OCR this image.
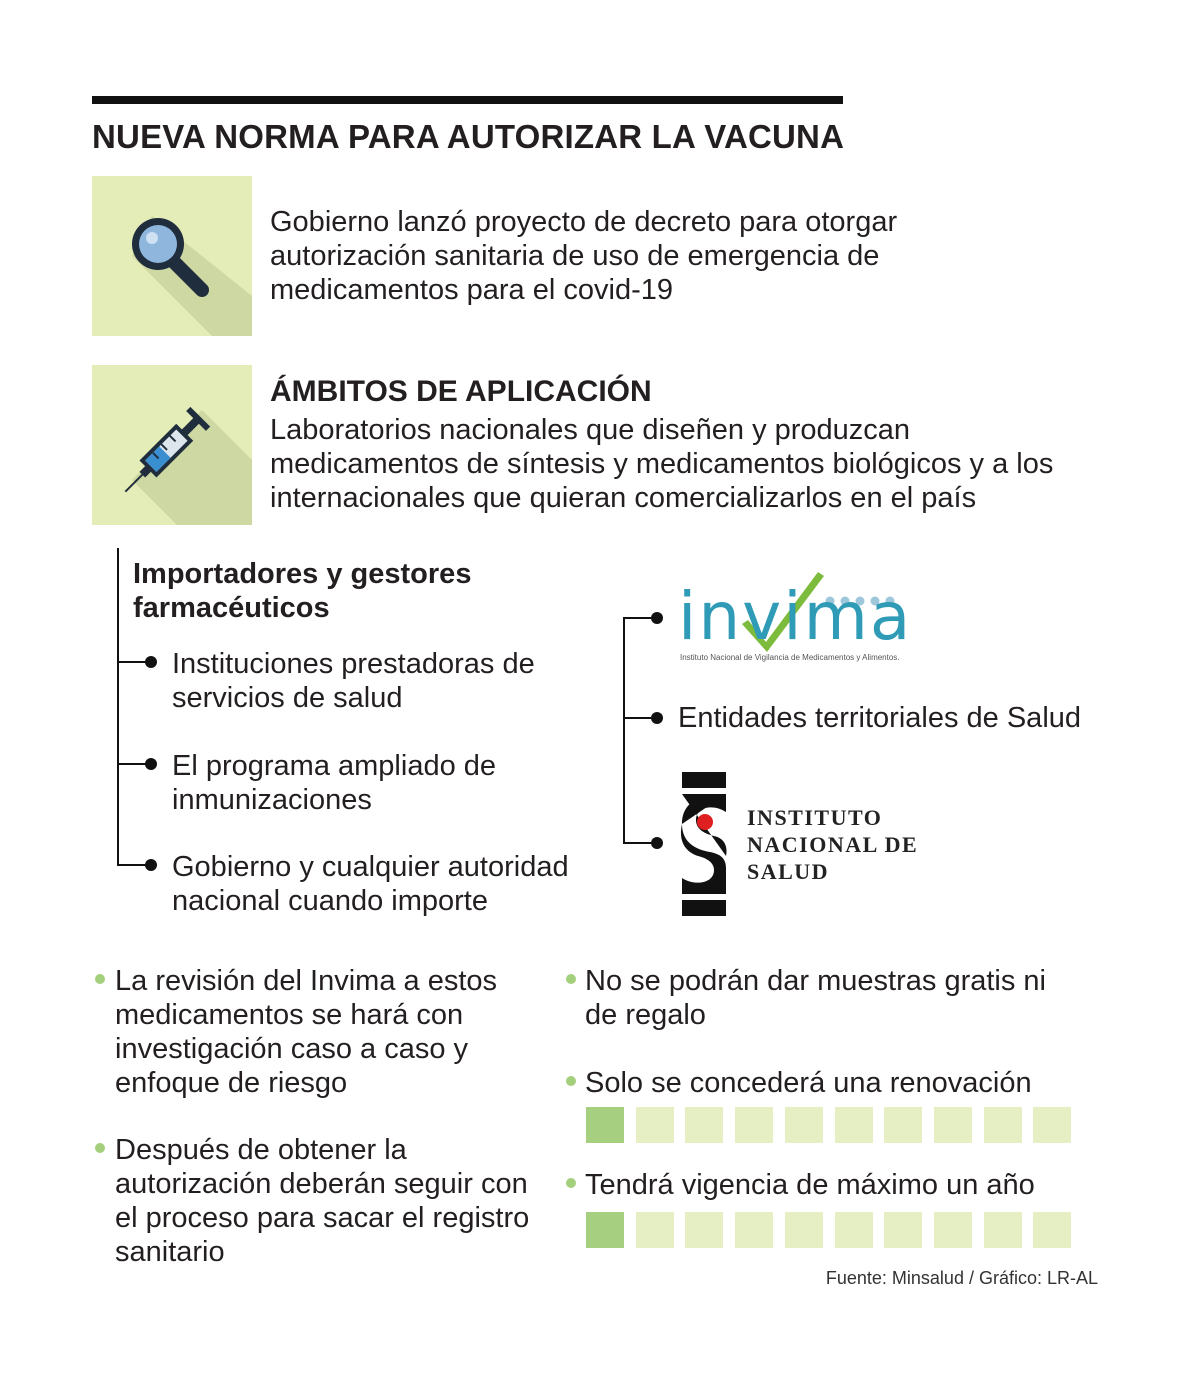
NUEVA NORMA PARA AUTORIZAR LA VACUNA
Gobierno lanzó proyecto de decreto para otorgar autorización sanitaria de uso de emergencia de medicamentos para el covid-19
ÁMBITOS DE APLICACIÓN
Laboratorios nacionales que diseñen y produzcan medicamentos de síntesis y medicamentos biológicos y a los internacionales que quieran comercializarlos en el país
Importadores y gestores farmacéuticos
Instituciones prestadoras de servicios de salud
El programa ampliado de inmunizaciones
Gobierno y cualquier autoridad nacional cuando importe
invima
Instituto Nacional de Vigilancia de Medicamentos y Alimentos.
Entidades territoriales de Salud
INSTITUTO
NACIONAL DE
SALUD
La revisión del Invima a estos medicamentos se hará con investigación caso a caso y enfoque de riesgo
Después de obtener la autorización deberán seguir con el proceso para sacar el registro sanitario
No se podrán dar muestras gratis ni de regalo
Solo se concederá una renovación
Tendrá vigencia de máximo un año
Fuente: Minsalud / Gráfico: LR-AL
